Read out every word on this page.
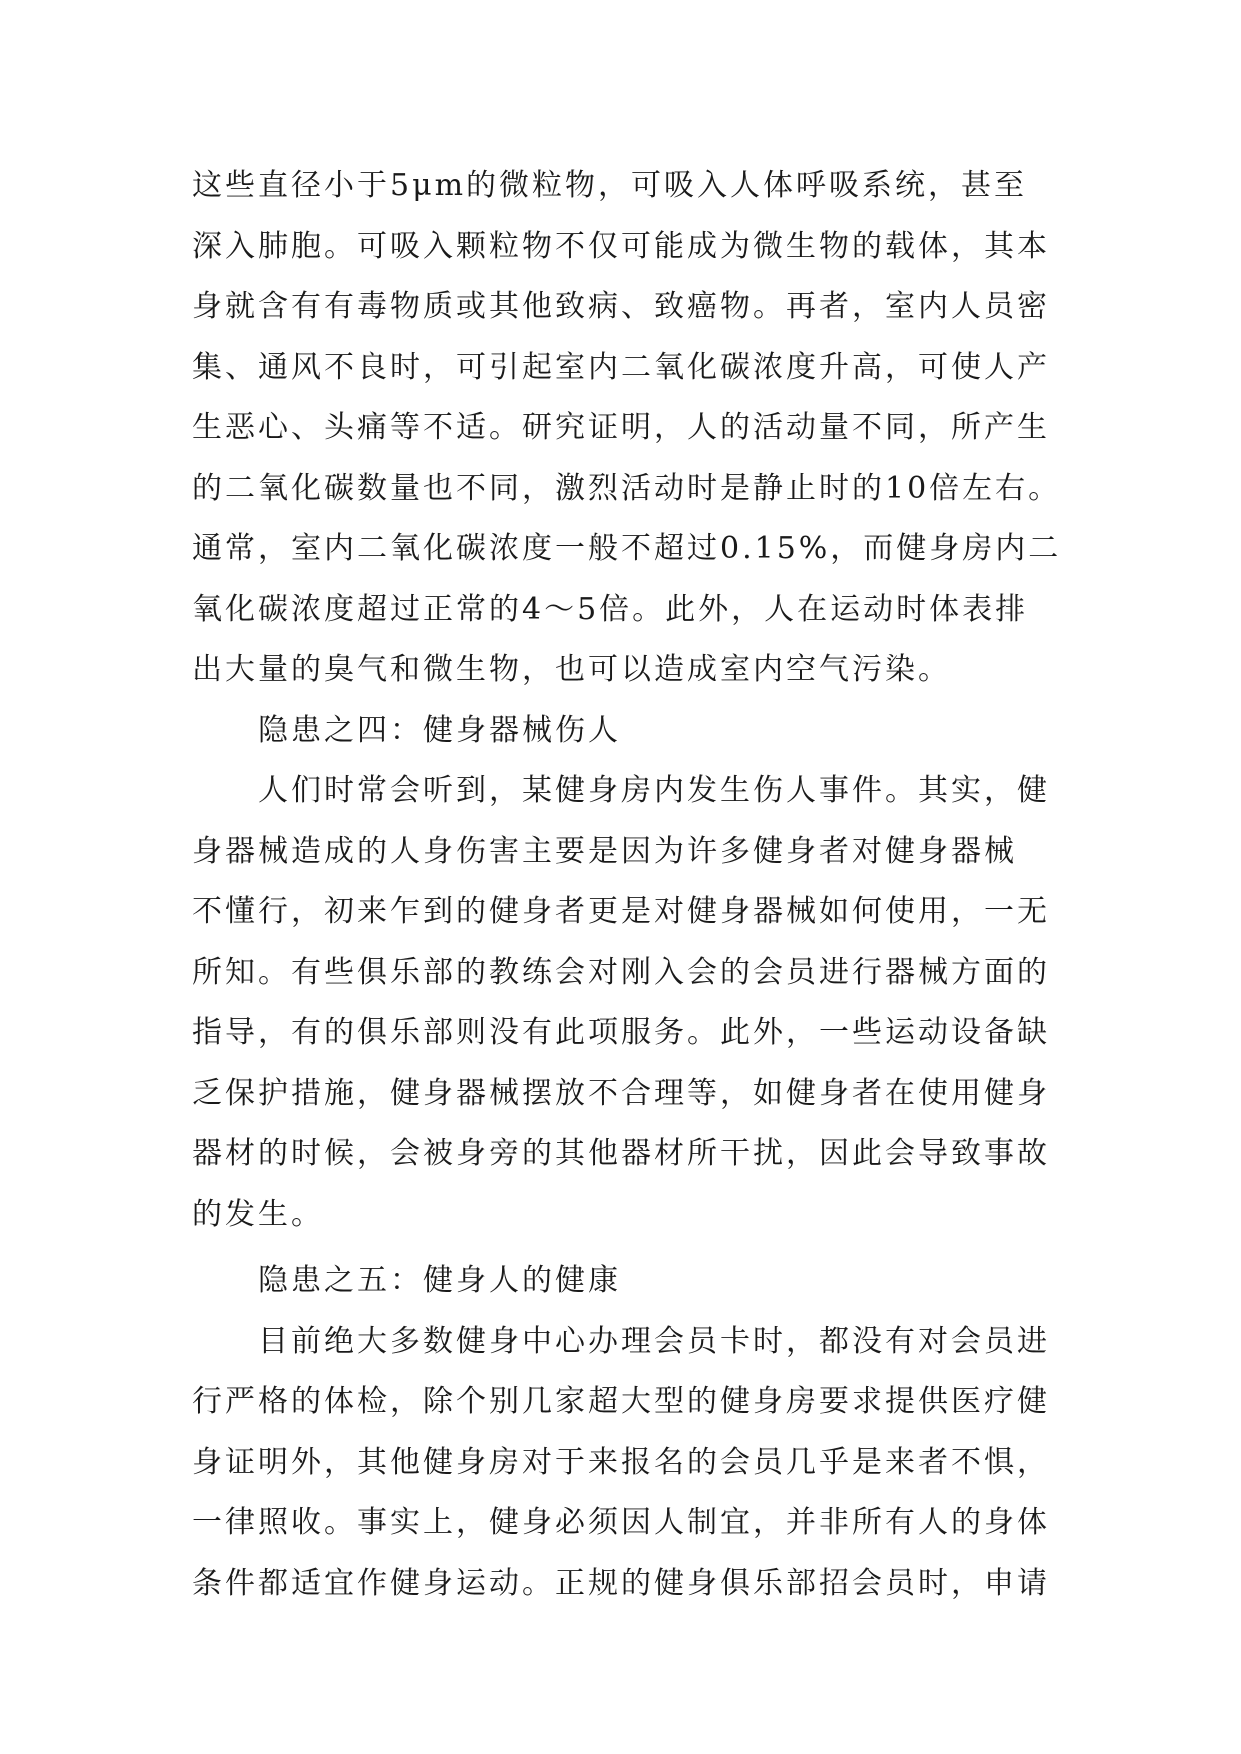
这些直径小于5μm的微粒物，可吸入人体呼吸系统，甚至
深入肺胞。可吸入颗粒物不仅可能成为微生物的载体，其本
身就含有有毒物质或其他致病、致癌物。再者，室内人员密
集、通风不良时，可引起室内二氧化碳浓度升高，可使人产
生恶心、头痛等不适。研究证明，人的活动量不同，所产生
的二氧化碳数量也不同，激烈活动时是静止时的10倍左右。
通常，室内二氧化碳浓度一般不超过0.15%，而健身房内二
氧化碳浓度超过正常的4～5倍。此外，人在运动时体表排
出大量的臭气和微生物，也可以造成室内空气污染。

隐患之四：健身器械伤人

人们时常会听到，某健身房内发生伤人事件。其实，健
身器械造成的人身伤害主要是因为许多健身者对健身器械
不懂行，初来乍到的健身者更是对健身器械如何使用，一无
所知。有些俱乐部的教练会对刚入会的会员进行器械方面的
指导，有的俱乐部则没有此项服务。此外，一些运动设备缺
乏保护措施，健身器械摆放不合理等，如健身者在使用健身
器材的时候，会被身旁的其他器材所干扰，因此会导致事故
的发生。

隐患之五：健身人的健康

目前绝大多数健身中心办理会员卡时，都没有对会员进
行严格的体检，除个别几家超大型的健身房要求提供医疗健
身证明外，其他健身房对于来报名的会员几乎是来者不惧，
一律照收。事实上，健身必须因人制宜，并非所有人的身体
条件都适宜作健身运动。正规的健身俱乐部招会员时，申请
